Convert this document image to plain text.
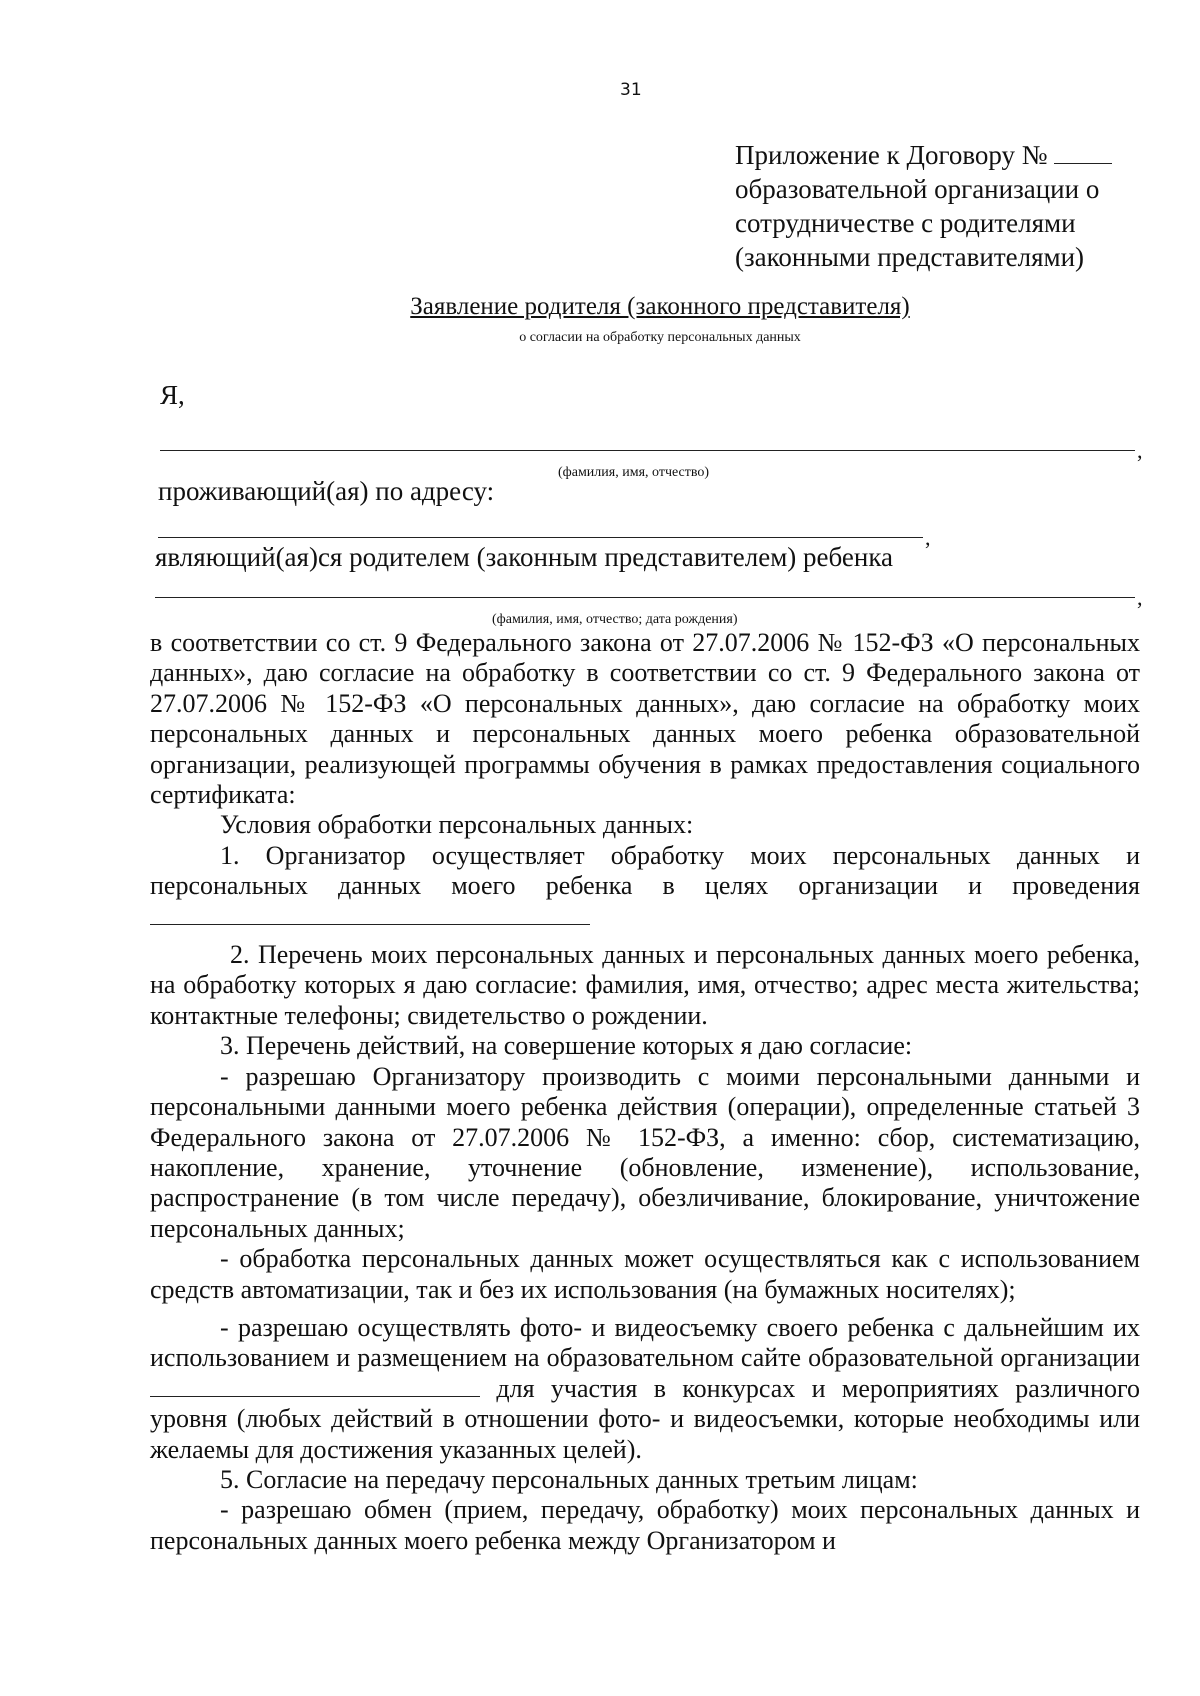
31
Приложение к Договору №
образовательной организации о
сотрудничестве с родителями
(законными представителями)
Заявление родителя (законного представителя)
о согласии на обработку персональных данных
Я,
,
(фамилия, имя, отчество)
проживающий(ая) по адресу:
,
являющий(ая)ся родителем (законным представителем) ребенка
,
(фамилия, имя, отчество; дата рождения)

в соответствии со ст. 9 Федерального закона от 27.07.2006 № 152-ФЗ «О персональных данных», даю согласие на обработку в соответствии со ст. 9 Федерального закона от 27.07.2006 № 152-ФЗ «О персональных данных», даю согласие на обработку моих персональных данных и персональных данных моего ребенка образовательной организации, реализующей программы обучения в рамках предоставления социального сертификата:

Условия обработки персональных данных:

1. Организатор осуществляет обработку моих персональных данных и персональных данных моего ребенка в целях организации и проведения

2. Перечень моих персональных данных и персональных данных моего ребенка, на обработку которых я даю согласие: фамилия, имя, отчество; адрес места жительства; контактные телефоны; свидетельство о рождении.

3. Перечень действий, на совершение которых я даю согласие:

- разрешаю Организатору производить с моими персональными данными и персональными данными моего ребенка действия (операции), определенные статьей 3 Федерального закона от 27.07.2006 № 152-ФЗ, а именно: сбор, систематизацию, накопление, хранение, уточнение (обновление, изменение), использование, распространение (в том числе передачу), обезличивание, блокирование, уничтожение персональных данных;

- обработка персональных данных может осуществляться как с использованием средств автоматизации, так и без их использования (на бумажных носителях);

- разрешаю осуществлять фото- и видеосъемку своего ребенка с дальнейшим их использованием и размещением на образовательном сайте образовательной организации  для участия в конкурсах и мероприятиях различного уровня (любых действий в отношении фото- и видеосъемки, которые необходимы или желаемы для достижения указанных целей).

5. Согласие на передачу персональных данных третьим лицам:

- разрешаю обмен (прием, передачу, обработку) моих персональных данных и персональных данных моего ребенка между Организатором и
